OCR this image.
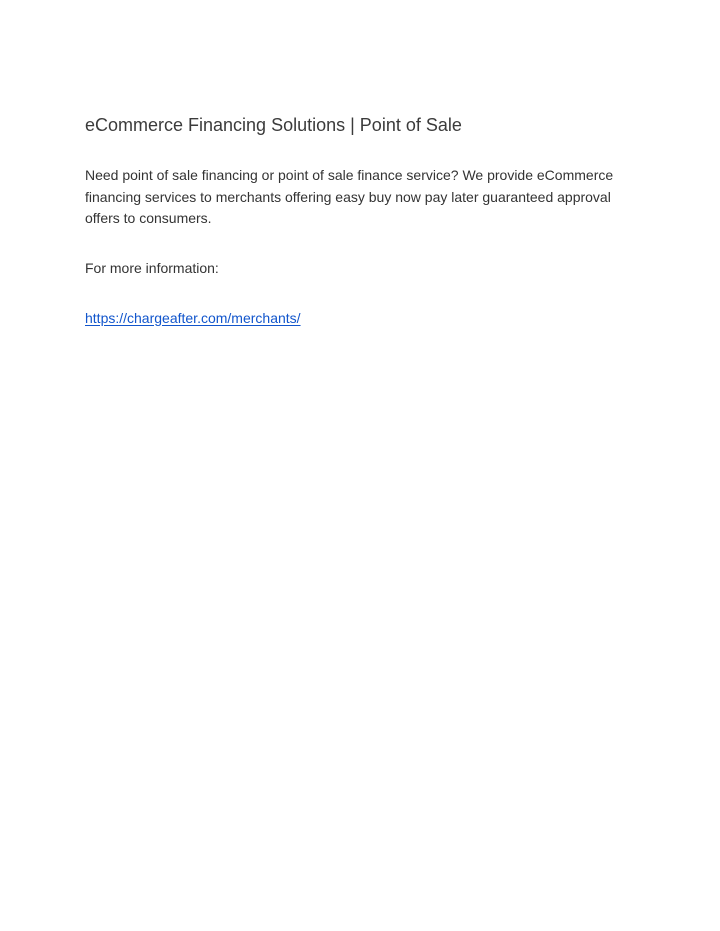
eCommerce Financing Solutions | Point of Sale

Need point of sale financing or point of sale finance service? We provide eCommerce financing services to merchants offering easy buy now pay later guaranteed approval offers to consumers.

For more information:

https://chargeafter.com/merchants/
